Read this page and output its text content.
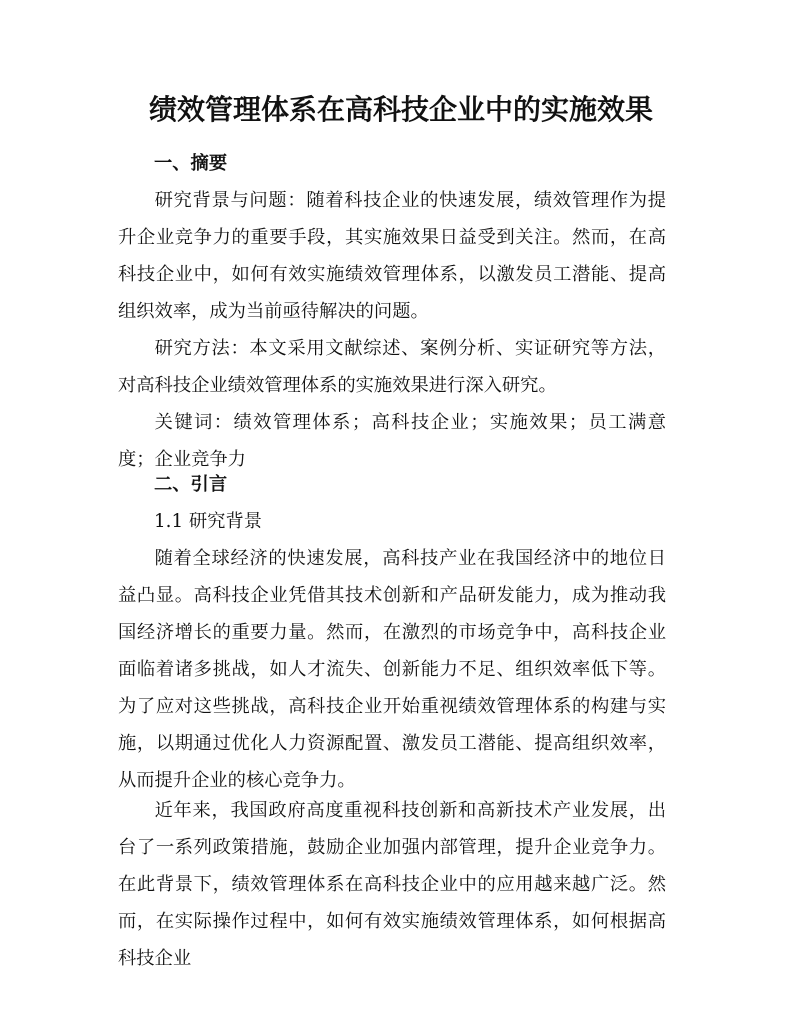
绩效管理体系在高科技企业中的实施效果
一、摘要
研究背景与问题：随着科技企业的快速发展，绩效管理作为提升企业竞争力的重要手段，其实施效果日益受到关注。然而，在高科技企业中，如何有效实施绩效管理体系，以激发员工潜能、提高组织效率，成为当前亟待解决的问题。
研究方法：本文采用文献综述、案例分析、实证研究等方法，对高科技企业绩效管理体系的实施效果进行深入研究。
关键词：绩效管理体系；高科技企业；实施效果；员工满意度；企业竞争力
二、引言
1.1 研究背景
随着全球经济的快速发展，高科技产业在我国经济中的地位日益凸显。高科技企业凭借其技术创新和产品研发能力，成为推动我国经济增长的重要力量。然而，在激烈的市场竞争中，高科技企业面临着诸多挑战，如人才流失、创新能力不足、组织效率低下等。为了应对这些挑战，高科技企业开始重视绩效管理体系的构建与实施，以期通过优化人力资源配置、激发员工潜能、提高组织效率，从而提升企业的核心竞争力。
近年来，我国政府高度重视科技创新和高新技术产业发展，出台了一系列政策措施，鼓励企业加强内部管理，提升企业竞争力。在此背景下，绩效管理体系在高科技企业中的应用越来越广泛。然而，在实际操作过程中，如何有效实施绩效管理体系，如何根据高科技企业
